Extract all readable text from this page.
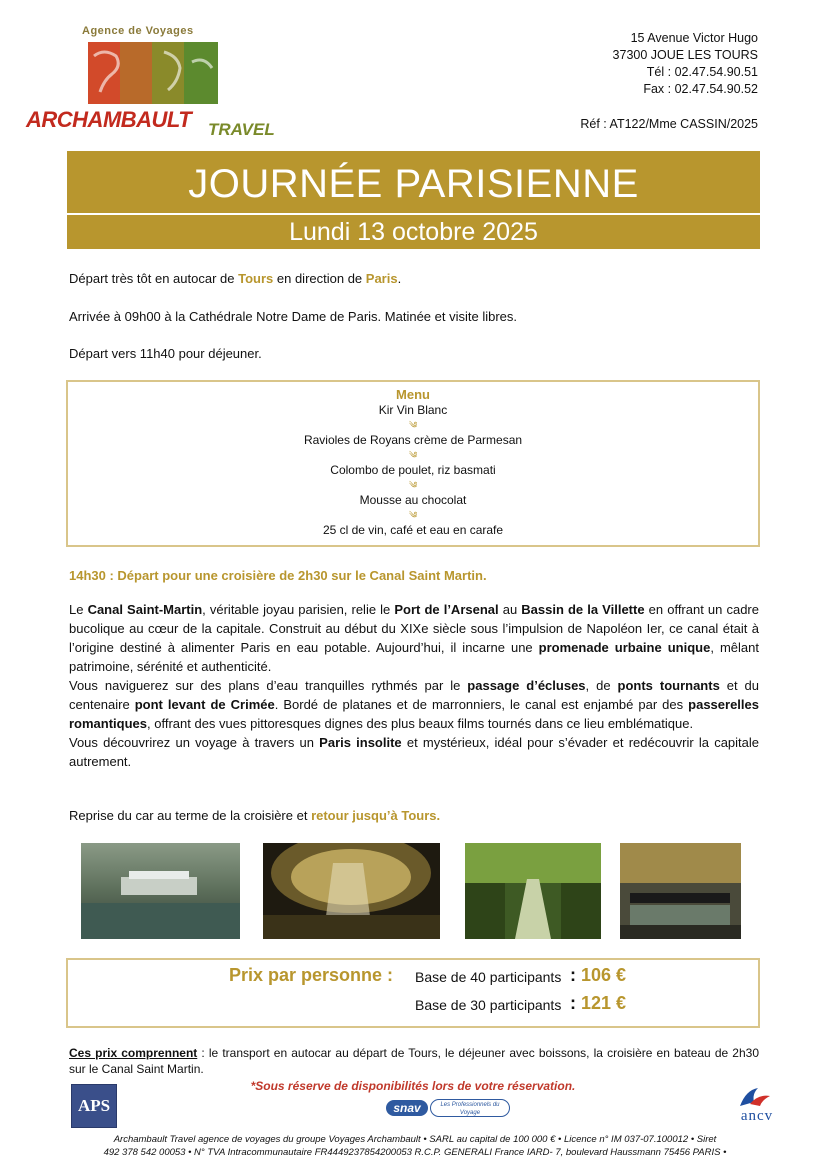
Agence de Voyages
ARCHAMBAULT TRAVEL
15 Avenue Victor Hugo
37300 JOUE LES TOURS
Tél : 02.47.54.90.51
Fax : 02.47.54.90.52
Réf : AT122/Mme CASSIN/2025
JOURNÉE PARISIENNE
Lundi 13 octobre 2025
Départ très tôt en autocar de Tours en direction de Paris.
Arrivée à 09h00 à la Cathédrale Notre Dame de Paris. Matinée et visite libres.
Départ vers 11h40 pour déjeuner.
Menu
Kir Vin Blanc
༄
Ravioles de Royans crème de Parmesan
༄
Colombo de poulet, riz basmati
༄
Mousse au chocolat
༄
25 cl de vin, café et eau en carafe
14h30 : Départ pour une croisière de 2h30 sur le Canal Saint Martin.

Le Canal Saint-Martin, véritable joyau parisien, relie le Port de l’Arsenal au Bassin de la Villette en offrant un cadre bucolique au cœur de la capitale. Construit au début du XIXe siècle sous l’impulsion de Napoléon Ier, ce canal était à l’origine destiné à alimenter Paris en eau potable. Aujourd’hui, il incarne une promenade urbaine unique, mêlant patrimoine, sérénité et authenticité.

Vous naviguerez sur des plans d’eau tranquilles rythmés par le passage d’écluses, de ponts tournants et du centenaire pont levant de Crimée. Bordé de platanes et de marronniers, le canal est enjambé par des passerelles romantiques, offrant des vues pittoresques dignes des plus beaux films tournés dans ce lieu emblématique.

Vous découvrirez un voyage à travers un Paris insolite et mystérieux, idéal pour s’évader et redécouvrir la capitale autrement.

Reprise du car au terme de la croisière et retour jusqu’à Tours.
Prix par personne : Base de 40 participants : 106 €
Base de 30 participants : 121 €
Ces prix comprennent : le transport en autocar au départ de Tours, le déjeuner avec boissons, la croisière en bateau de 2h30 sur le Canal Saint Martin.
*Sous réserve de disponibilités lors de votre réservation.
APS	snav	Les Professionnels du Voyage	ancv
Archambault Travel agence de voyages du groupe Voyages Archambault • SARL au capital de 100 000 € • Licence n° IM 037-07.100012 • Siret
492 378 542 00053 • N° TVA Intracommunautaire FR4449237854200053 R.C.P. GENERALI France IARD- 7, boulevard Haussmann 75456 PARIS •
